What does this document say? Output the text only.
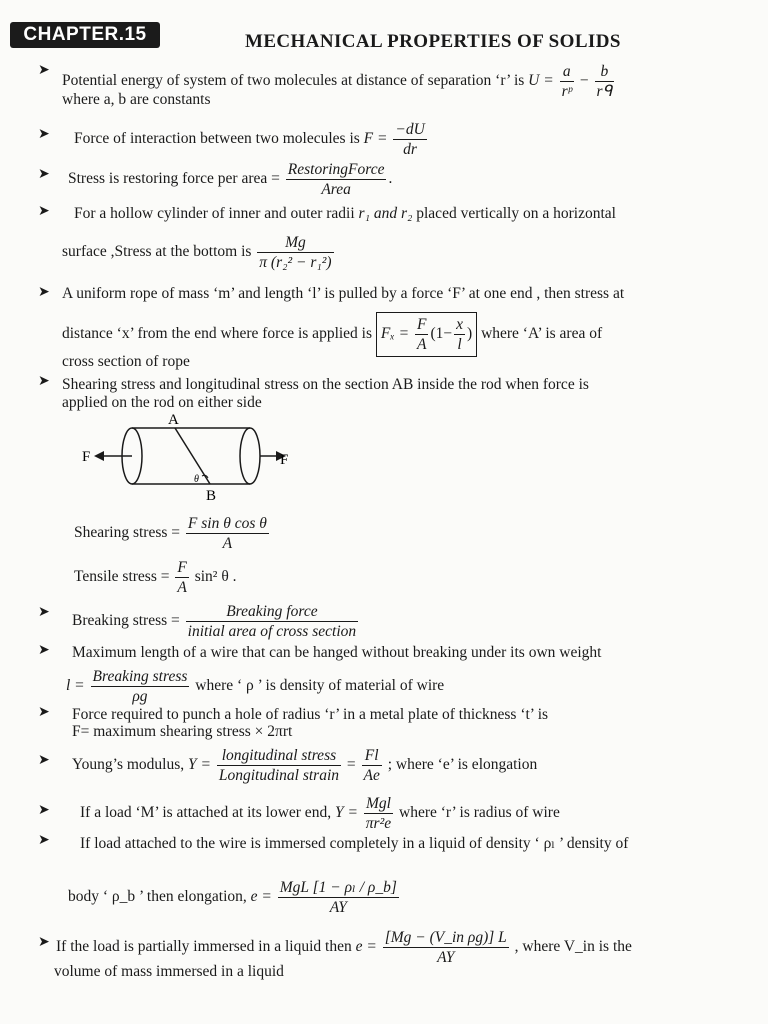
CHAPTER.15	MECHANICAL PROPERTIES OF SOLIDS
➤
Potential energy of system of two molecules at distance of separation ‘r’ is $U = \frac{a}{\text{rᵖ}} - \frac{b}{\text{rᑫ}}$
where a, b are constants
➤ Force of interaction between two molecules is $F = \frac{-dU}{dr}$
➤ Stress is restoring force per area = $\frac{\text{RestoringForce}}{\text{Area}}$ .
➤ For a hollow cylinder of inner and outer radii r₁ and r₂ placed vertically on a horizontal
surface ,Stress at the bottom is $\frac{Mg}{\text{π (r₂² − r₁²)}}$
➤ A uniform rope of mass ‘m’ and length ‘l’ is pulled by a force ‘F’ at one end , then stress at
distance ‘x’ from the end where force is applied is $F_x = \frac{F}{A} (1- \frac{x}{l}$ ) where ‘A’ is area of
cross section of rope
➤ Shearing stress and longitudinal stress on the section AB inside the rod when force is
applied on the rod on either side
A
B
F	F
θ
Shearing stress = $\frac{\text{F sin θ cos θ}}{A}$
Tensile stress = $\frac{F}{A} \sin^2$ θ .
➤
Breaking stress = $\frac{\text{Breaking force}}{\text{initial area of cross section}}$
➤ Maximum length of a wire that can be hanged without breaking under its own weight
$l = \frac{\text{Breaking stress}}{\rho g}$ where ‘ ρ ’ is density of material of wire
➤ Force required to punch a hole of radius ‘r’ in a metal plate of thickness ‘t’ is
F= maximum shearing stress × 2πrt
➤ Young’s modulus, $Y = \frac{\text{longitudinal stress}}{\text{Longitudinal strain}} = \frac{Fl}{Ae}$ ; where ‘e’ is elongation
➤ If a load ‘M’ is attached at its lower end, $Y = \frac{\text{Mgl}}{\text{πr²e}}$ where ‘r’ is radius of wire
➤ If load attached to the wire is immersed completely in a liquid of density ‘ ρₗ ’ density of
body ‘ ρ_b ’ then elongation, $e = \frac{\text{MgL [1 − ρₗ / ρ\_b]}}{AY}$
➤ If the load is partially immersed in a liquid then $e = \frac{\text{[Mg − (V\_in ρg)] L}}{AY}$ , where V_in is the
volume of mass immersed in a liquid
